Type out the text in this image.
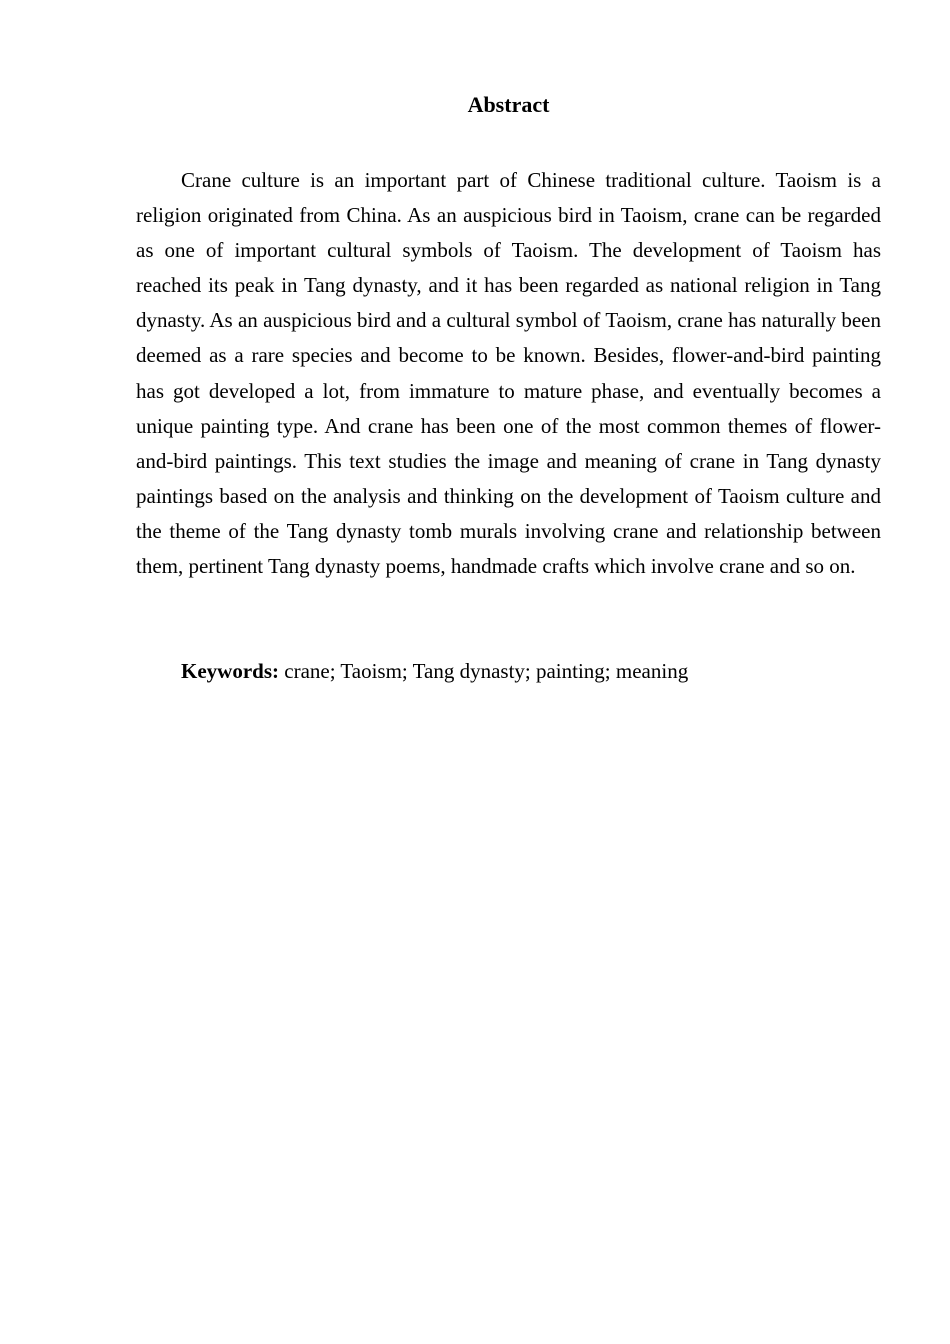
Abstract

Crane culture is an important part of Chinese traditional culture. Taoism is a religion originated from China. As an auspicious bird in Taoism, crane can be regarded as one of important cultural symbols of Taoism. The development of Taoism has reached its peak in Tang dynasty, and it has been regarded as national religion in Tang dynasty. As an auspicious bird and a cultural symbol of Taoism, crane has naturally been deemed as a rare species and become to be known. Besides, flower-and-bird painting has got developed a lot, from immature to mature phase, and eventually becomes a unique painting type. And crane has been one of the most common themes of flower-and-bird paintings. This text studies the image and meaning of crane in Tang dynasty paintings based on the analysis and thinking on the development of Taoism culture and the theme of the Tang dynasty tomb murals involving crane and relationship between them, pertinent Tang dynasty poems, handmade crafts which involve crane and so on.

Keywords: crane; Taoism; Tang dynasty; painting; meaning
